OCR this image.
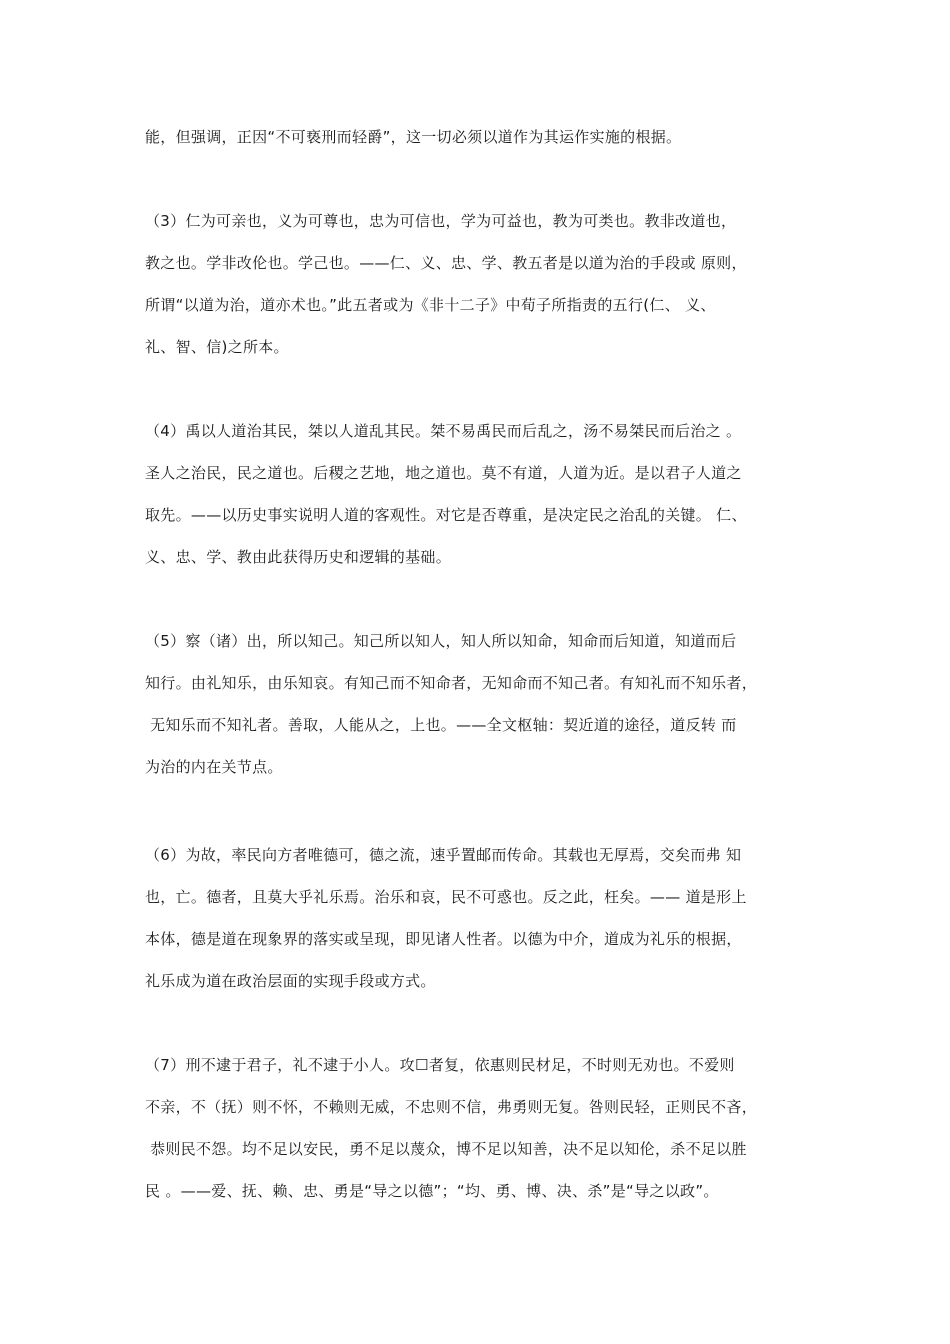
能，但强调，正因“不可亵刑而轻爵”，这一切必须以道作为其运作实施的根据。
（3）仁为可亲也，义为可尊也，忠为可信也，学为可益也，教为可类也。教非改道也，
教之也。学非改伦也。学己也。——仁、义、忠、学、教五者是以道为治的手段或 原则，
所谓“以道为治，道亦术也。”此五者或为《非十二子》中荀子所指责的五行(仁、 义、
礼、智、信)之所本。
（4）禹以人道治其民，桀以人道乱其民。桀不易禹民而后乱之，汤不易桀民而后治之 。
圣人之治民，民之道也。后稷之艺地，地之道也。莫不有道，人道为近。是以君子人道之
取先。——以历史事实说明人道的客观性。对它是否尊重，是决定民之治乱的关键。 仁、
义、忠、学、教由此获得历史和逻辑的基础。
（5）察（诸）出，所以知己。知己所以知人，知人所以知命，知命而后知道，知道而后
知行。由礼知乐，由乐知哀。有知己而不知命者，无知命而不知己者。有知礼而不知乐者，
无知乐而不知礼者。善取，人能从之，上也。——全文枢轴：契近道的途径，道反转 而
为治的内在关节点。
（6）为故，率民向方者唯德可，德之流，速乎置邮而传命。其载也无厚焉，交矣而弗 知
也，亡。德者，且莫大乎礼乐焉。治乐和哀，民不可惑也。反之此，枉矣。—— 道是形上
本体，德是道在现象界的落实或呈现，即见诸人性者。以德为中介，道成为礼乐的根据，
礼乐成为道在政治层面的实现手段或方式。
（7）刑不逮于君子，礼不逮于小人。攻☐者复，依惠则民材足，不时则无劝也。不爱则
不亲，不（抚）则不怀，不赖则无威，不忠则不信，弗勇则无复。咎则民轻，正则民不吝，
恭则民不怨。均不足以安民，勇不足以蔑众，博不足以知善，决不足以知伦，杀不足以胜
民 。——爱、抚、赖、忠、勇是“导之以德”；“均、勇、博、决、杀”是“导之以政”。
